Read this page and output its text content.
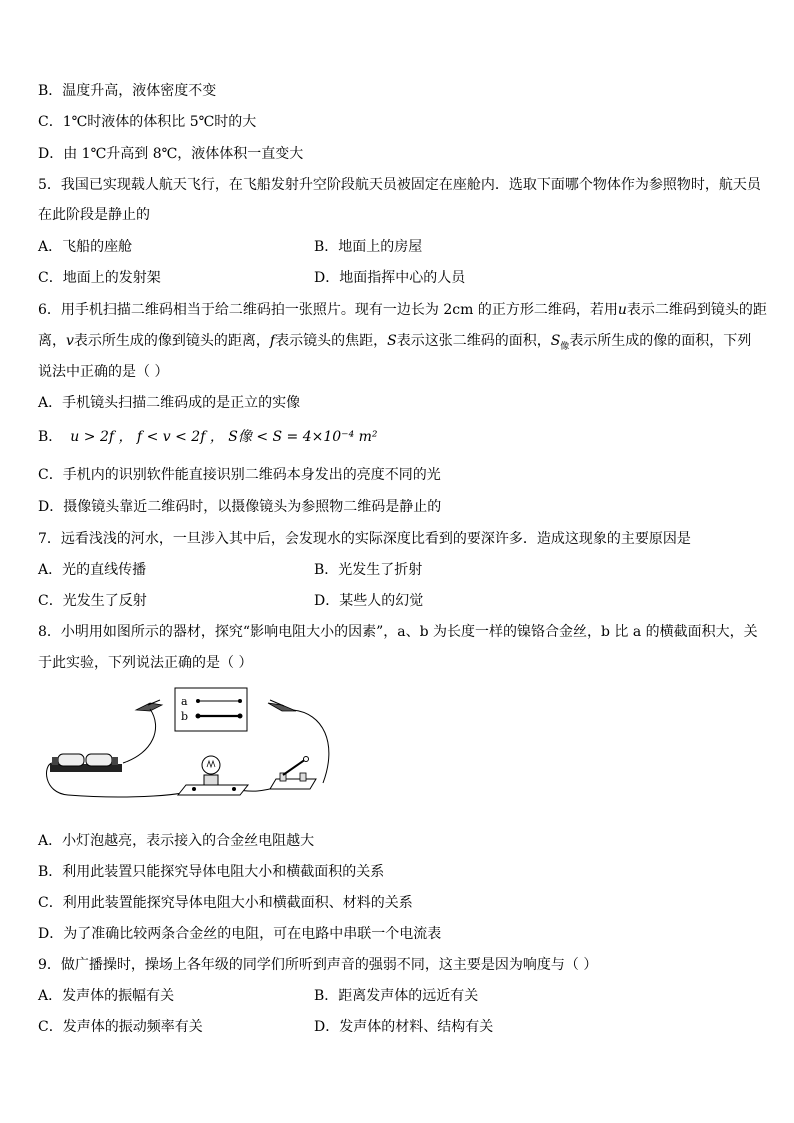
B．温度升高，液体密度不变
C．1℃时液体的体积比 5℃时的大
D．由 1℃升高到 8℃，液体体积一直变大
5．我国已实现载人航天飞行，在飞船发射升空阶段航天员被固定在座舱内．选取下面哪个物体作为参照物时，航天员
在此阶段是静止的
A．飞船的座舱	B．地面上的房屋
C．地面上的发射架	D．地面指挥中心的人员
6．用手机扫描二维码相当于给二维码拍一张照片。现有一边长为 2cm 的正方形二维码，若用u表示二维码到镜头的距
离，v表示所生成的像到镜头的距离，f表示镜头的焦距，S表示这张二维码的面积，$S_像$表示所生成的像的面积，下列
说法中正确的是（ ）
A．手机镜头扫描二维码成的是正立的实像
B． u > 2f ， f < v < 2f ， S像 < S = 4×10⁻⁴ m²
C．手机内的识别软件能直接识别二维码本身发出的亮度不同的光
D．摄像镜头靠近二维码时，以摄像镜头为参照物二维码是静止的
7．远看浅浅的河水，一旦涉入其中后，会发现水的实际深度比看到的要深许多．造成这现象的主要原因是
A．光的直线传播	B．光发生了折射
C．光发生了反射	D．某些人的幻觉
8．小明用如图所示的器材，探究“影响电阻大小的因素”，a、b 为长度一样的镍铬合金丝，b 比 a 的横截面积大，关
于此实验，下列说法正确的是（ ）
a
b
A．小灯泡越亮，表示接入的合金丝电阻越大
B．利用此装置只能探究导体电阻大小和横截面积的关系
C．利用此装置能探究导体电阻大小和横截面积、材料的关系
D．为了准确比较两条合金丝的电阻，可在电路中串联一个电流表
9．做广播操时，操场上各年级的同学们所听到声音的强弱不同，这主要是因为响度与（ ）
A．发声体的振幅有关	B．距离发声体的远近有关
C．发声体的振动频率有关	D．发声体的材料、结构有关
